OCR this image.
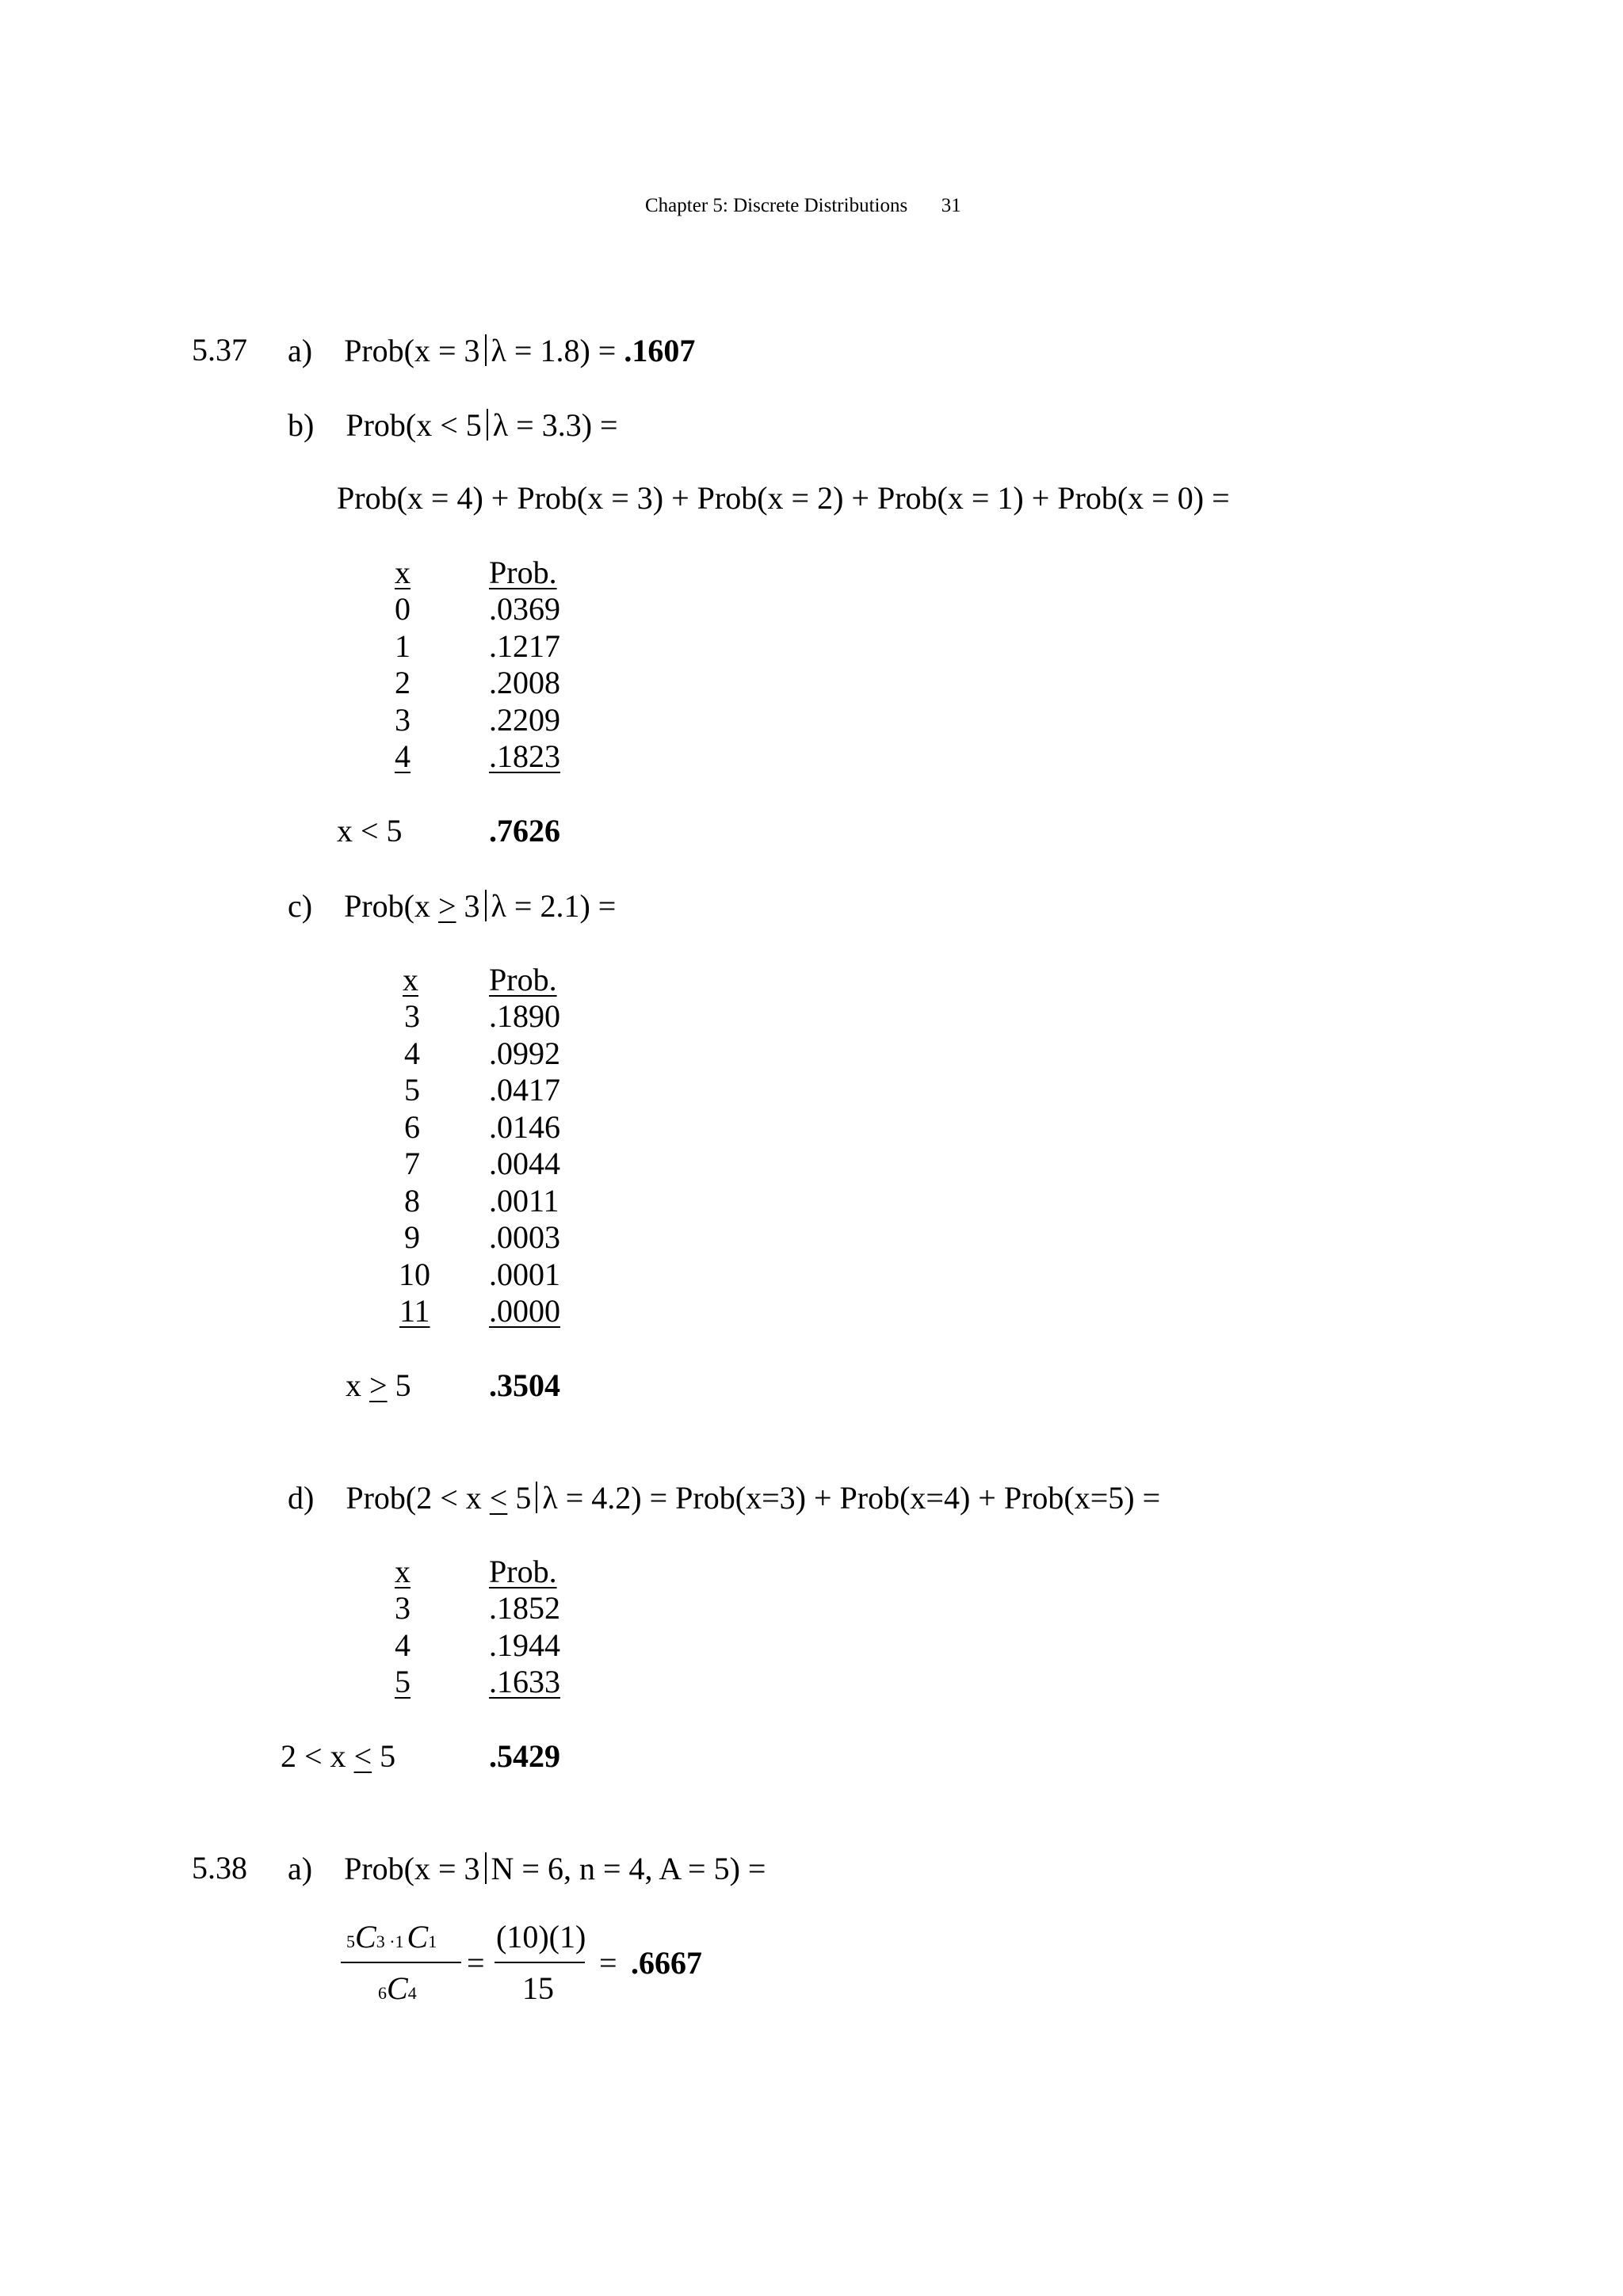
Chapter 5: Discrete Distributions 31
5.37 a) Prob(x = 3 λ = 1.8) = .1607
b) Prob(x < 5 λ = 3.3) =
Prob(x = 4) + Prob(x = 3) + Prob(x = 2) + Prob(x = 1) + Prob(x = 0) =
x Prob.
0 .0369
1 .1217
2 .2008
3 .2209
4 .1823
x < 5	.7626
c) Prob(x ≥ 3 λ = 2.1) =
x Prob.
3 .1890
4 .0992
5 .0417
6 .0146
7 .0044
8 .0011
9 .0003
10 .0001
11 .0000
x ≥ 5 .3504
d) Prob(2 < x ≤ 5 λ = 4.2) = Prob(x=3) + Prob(x=4) + Prob(x=5) =
x Prob.
3 .1852
4 .1944
5 .1633
2 < x ≤ 5	.5429
5.38 a) Prob(x = 3 N = 6, n = 4, A = 5) =
5C3 ·1 C1
6C4
=
(10)(1)
15
= .6667
